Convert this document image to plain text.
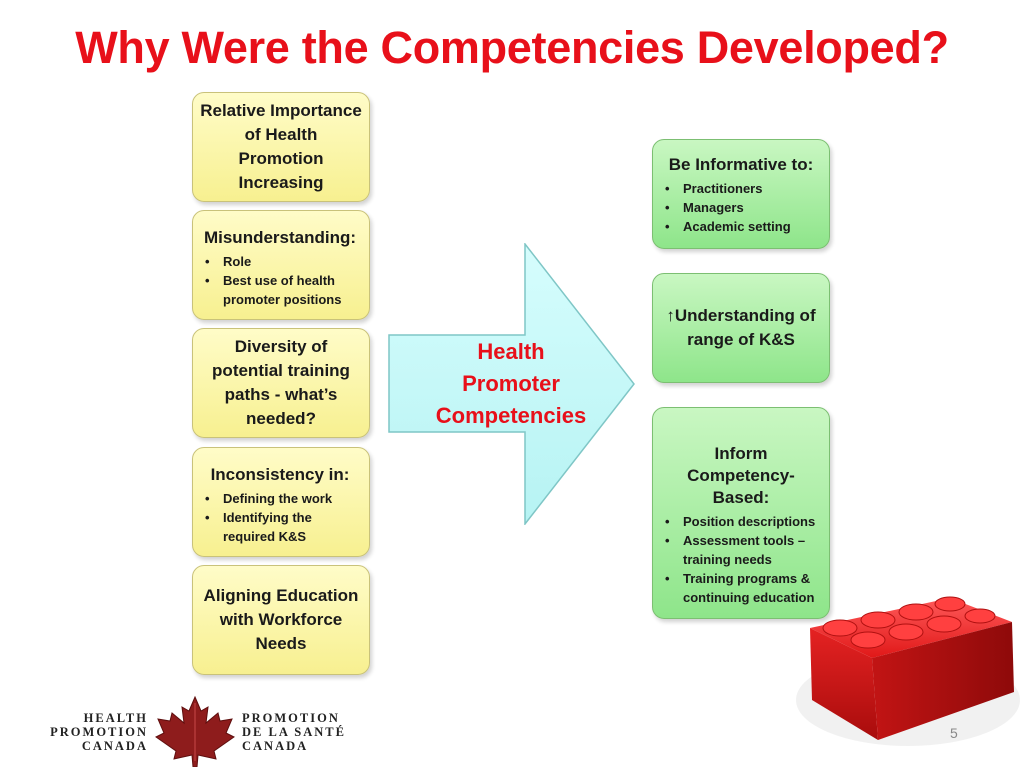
Why Were the Competencies Developed?
Relative Importance
of Health
Promotion
Increasing
Misunderstanding:
• Role
• Best use of health promoter positions
Diversity of
potential training
paths - what’s
needed?
Inconsistency in:
• Defining the work
• Identifying the required K&S
Aligning Education
with Workforce
Needs
Health
Promoter
Competencies
Be Informative to:
• Practitioners
• Managers
• Academic setting
↑Understanding of
range of K&S
Inform
Competency-Based:
• Position descriptions
• Assessment tools – training needs
• Training programs & continuing education
HEALTH
PROMOTION
CANADA
PROMOTION
DE LA SANTÉ
CANADA
5
